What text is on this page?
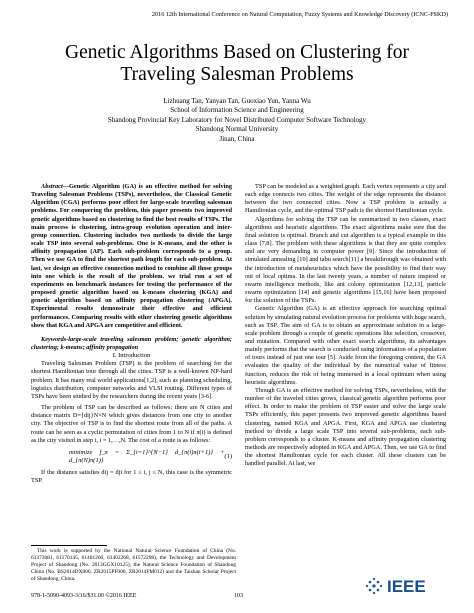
2016 12th International Conference on Natural Computation, Fuzzy Systems and Knowledge Discovery (ICNC-FSKD)
Genetic Algorithms Based on Clustering for
Traveling Salesman Problems
Lizhuang Tan, Yanyan Tan, Guoxiao Yun, Yanna Wu
School of Information Science and Engineering
Shandong Provincial Key Laboratory for Novel Distributed Computer Software Technology
Shandong Normal University
Jinan, China

Abstract—Genetic Algorithm (GA) is an effective method for solving Traveling Salesman Problems (TSPs), nevertheless, the Classical Genetic Algorithm (CGA) performs poor effect for large-scale traveling salesman problems. For conquering the problem, this paper presents two improved genetic algorithms based on clustering to find the best results of TSPs. The main process is clustering, intra-group evolution operation and inter-group connection. Clustering includes two methods to divide the large scale TSP into several sub-problems. One is K-means, and the other is affinity propagation (AP). Each sub-problem corresponds to a group. Then we use GA to find the shortest path length for each sub-problem. At last, we design an effective connection method to combine all those groups into one which is the result of the problem. we trial run a set of experiments on benchmark instances for testing the performance of the proposed genetic algorithm based on k-means clustering (KGA) and genetic algorithm based on affinity propagation clustering (APGA). Experimental results demonstrate their effective and efficient performances. Comparing results with other clustering genetic algorithms show that KGA and APGA are competitive and efficient.

Keywords-large-scale traveling salesman problem; genetic algorithm; clustering; k-means; affinity propagation

I. Introduction

Traveling Salesman Problem (TSP) is the problem of searching for the shortest Hamiltonian tour through all the cities. TSP is a well-known NP-hard problem. It has many real world applications[1,2], such as planning scheduling, logistics distribution, computer networks and VLSI routing. Different types of TSPs have been studied by the researchers during the recent years [3-6].

The problem of TSP can be described as follows: there are N cities and distance matrix D={dij}N×N which gives distances from one city to another city. The objective of TSP is to find the shortest route from all of the paths. A route can be seen as a cyclic permutation of cities from 1 to N if π(i) is defined as the city visited in step i, i = 1,…,N. The cost of a route is as follows:

minimize f_π = Σ_{i=1}^{N−1} d_{π(i)π(i+1)} + d_{π(N)π(1)}
(1)

If the distance satisfies dij = dji for 1 ≤ i, j ≤ N, this case is the symmetric TSP.

TSP can be modeled as a weighted graph. Each vertex represents a city and each edge connects two cities. The weight of the edge represents the distance between the two connected cities. Now a TSP problem is actually a Hamiltonian cycle, and the optimal TSP path is the shortest Hamiltonian cycle.

Algorithms for solving the TSP can be summarized in two classes, exact algorithms and heuristic algorithms. The exact algorithms make sure that the final solution is optimal. Branch and cut algorithm is a typical example in this class [7,8]. The problem with these algorithms is that they are quite complex and are very demanding in computer power [9]. Since the introduction of simulated annealing [10] and tabu search[11] a breakthrough was obtained with the introduction of metaheuristics which have the possibility to find their way out of local optima. In the last twenty years, a number of nature inspired or swarm intelligence methods, like ant colony optimization [12,13], particle swarm optimization [14] and genetic algorithms [15,16] have been proposed for the solution of the TSPs.

Genetic Algorithm (GA) is an effective approach for searching optimal solution by simulating natural evolution process for problems with huge search, such as TSP. The aim of GA is to obtain an approximate solution in a large-scale problem through a couple of genetic operations like selection, crossover, and mutation. Compared with other exact search algorithms, its advantages mainly performs that the search is conducted using information of a population of tours instead of just one tour [5]. Aside from the foregoing content, the GA evaluates the quality of the individual by the numerical value of fitness function, reduces the risk of being immersed in a local optimum when using heuristic algorithms.

Though GA is an effective method for solving TSPs, nevertheless, with the number of the traveled cities grows, classical genetic algorithm performs poor effect. In order to make the problem of TSP easier and solve the large scale TSPs efficiently, this paper presents two improved genetic algorithms based clustering, named KGA and APGA. First, KGA and APGA use clustering method to divide a large scale TSP into several sub-problems, each sub-problem corresponds to a cluster. K-means and affinity propagation clustering methods are respectively adopted in KGA and APGA. Then, we use GA to find the shortest Hamiltonian cycle for each cluster. All these clusters can be handled parallel. At last, we

This work is supported by the National Natural Science Foundation of China (No. 61373081, 61170145, 61401260, 61402268, 61572298), the Technology and Development Project of Shandong (No. 2013GGX10125), the Natural Science Foundation of Shandong China (No. BS2014DX006, ZR2015PF006, ZR2014FM012) and the Taishan Scholar Project of Shandong, China.

978-1-5090-4093-3/16/$31.00 ©2016 IEEE	103	IEEE
